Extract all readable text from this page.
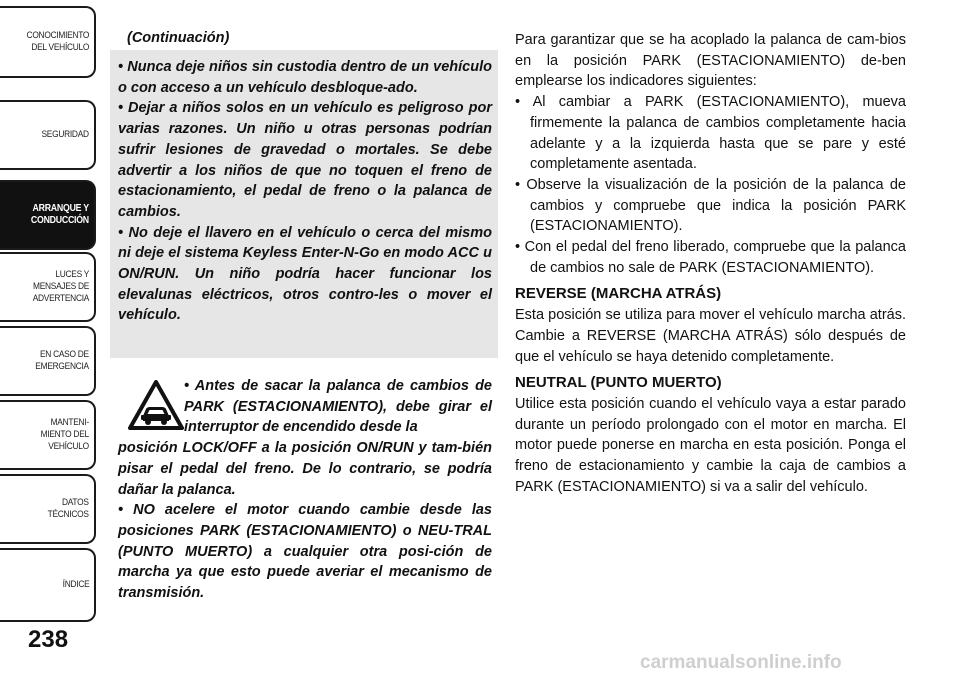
CONOCIMIENTO
DEL VEHÍCULO
SEGURIDAD
ARRANQUE Y
CONDUCCIÓN
LUCES Y
MENSAJES DE
ADVERTENCIA
EN CASO DE
EMERGENCIA
MANTENI-
MIENTO DEL
VEHÍCULO
DATOS
TÉCNICOS
ÍNDICE
238
(Continuación)

• Nunca deje niños sin custodia dentro de un vehículo o con acceso a un vehículo desbloque-ado.

• Dejar a niños solos en un vehículo es peligroso por varias razones. Un niño u otras personas podrían sufrir lesiones de gravedad o mortales. Se debe advertir a los niños de que no toquen el freno de estacionamiento, el pedal de freno o la palanca de cambios.

• No deje el llavero en el vehículo o cerca del mismo ni deje el sistema Keyless Enter-N-Go en modo ACC u ON/RUN. Un niño podría hacer funcionar los elevalunas eléctricos, otros contro-les o mover el vehículo.

• Antes de sacar la palanca de cambios de PARK (ESTACIONAMIENTO), debe girar el interruptor de encendido desde la

posición LOCK/OFF a la posición ON/RUN y tam-bién pisar el pedal del freno. De lo contrario, se podría dañar la palanca.

• NO acelere el motor cuando cambie desde las posiciones PARK (ESTACIONAMIENTO) o NEU-TRAL (PUNTO MUERTO) a cualquier otra posi-ción de marcha ya que esto puede averiar el mecanismo de transmisión.

Para garantizar que se ha acoplado la palanca de cam-bios en la posición PARK (ESTACIONAMIENTO) de-ben emplearse los indicadores siguientes:

• Al cambiar a PARK (ESTACIONAMIENTO), mueva firmemente la palanca de cambios completamente hacia adelante y a la izquierda hasta que se pare y esté completamente asentada.

• Observe la visualización de la posición de la palanca de cambios y compruebe que indica la posición PARK (ESTACIONAMIENTO).

• Con el pedal del freno liberado, compruebe que la palanca de cambios no sale de PARK (ESTACIONAMIENTO).

REVERSE (MARCHA ATRÁS)

Esta posición se utiliza para mover el vehículo marcha atrás. Cambie a REVERSE (MARCHA ATRÁS) sólo después de que el vehículo se haya detenido completamente.

NEUTRAL (PUNTO MUERTO)

Utilice esta posición cuando el vehículo vaya a estar parado durante un período prolongado con el motor en marcha. El motor puede ponerse en marcha en esta posición. Ponga el freno de estacionamiento y cambie la caja de cambios a PARK (ESTACIONAMIENTO) si va a salir del vehículo.

carmanualsonline.info
